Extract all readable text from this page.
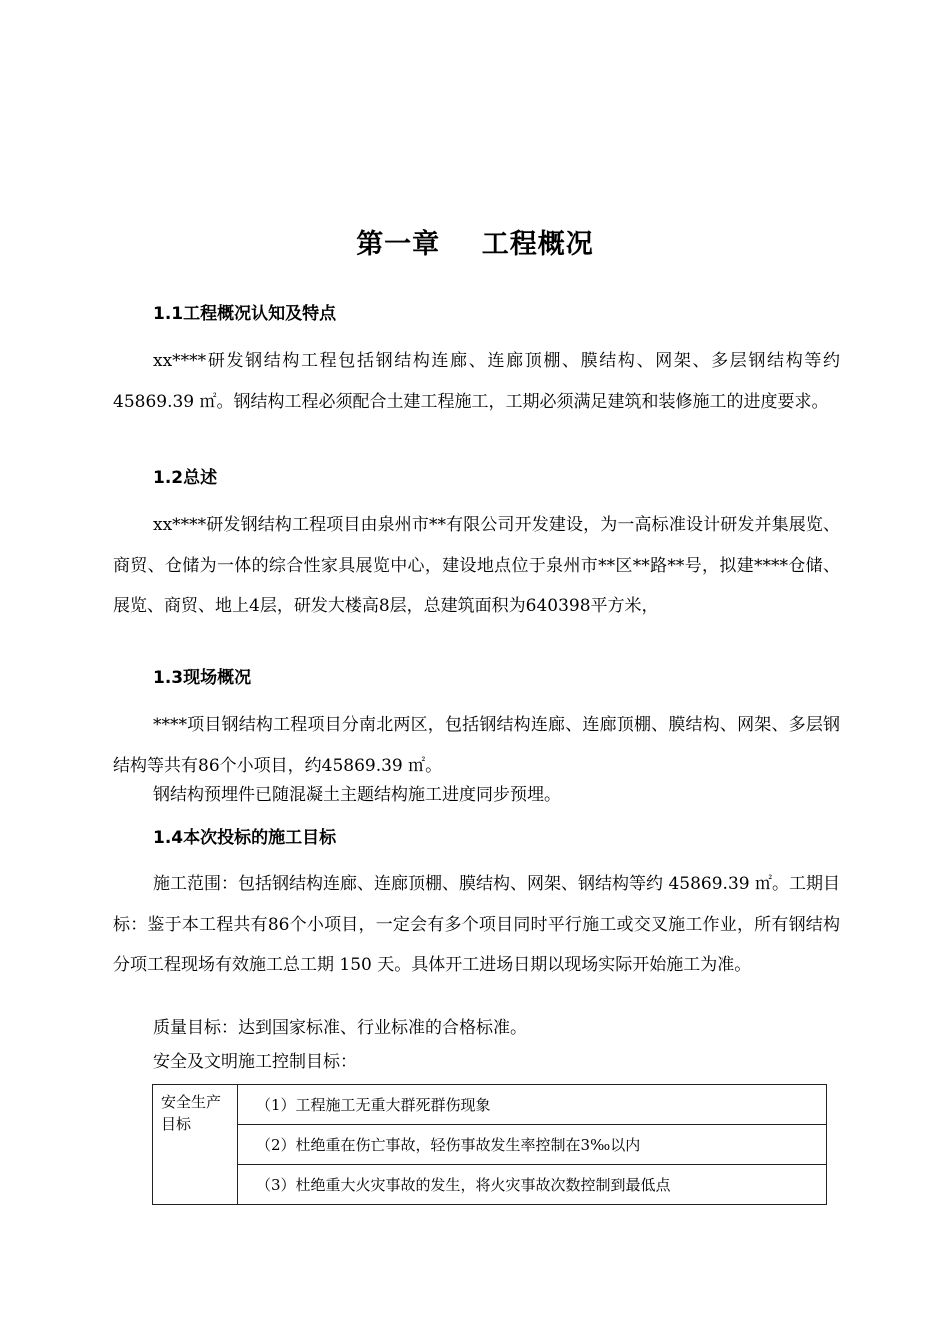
第一章    工程概况
1.1工程概况认知及特点
xx****研发钢结构工程包括钢结构连廊、连廊顶棚、膜结构、网架、多层钢结构等约45869.39 ㎡。钢结构工程必须配合土建工程施工，工期必须满足建筑和装修施工的进度要求。
1.2总述
xx****研发钢结构工程项目由泉州市**有限公司开发建设，为一高标准设计研发并集展览、商贸、仓储为一体的综合性家具展览中心，建设地点位于泉州市**区**路**号，拟建****仓储、展览、商贸、地上4层，研发大楼高8层，总建筑面积为640398平方米，
1.3现场概况
****项目钢结构工程项目分南北两区，包括钢结构连廊、连廊顶棚、膜结构、网架、多层钢结构等共有86个小项目，约45869.39 ㎡。
钢结构预埋件已随混凝土主题结构施工进度同步预埋。
1.4本次投标的施工目标
施工范围：包括钢结构连廊、连廊顶棚、膜结构、网架、钢结构等约 45869.39 ㎡。工期目标：鉴于本工程共有86个小项目，一定会有多个项目同时平行施工或交叉施工作业，所有钢结构分项工程现场有效施工总工期 150 天。具体开工进场日期以现场实际开始施工为准。
质量目标：达到国家标准、行业标准的合格标准。
安全及文明施工控制目标：
安全生产目标	（1）工程施工无重大群死群伤现象
（2）杜绝重在伤亡事故，轻伤事故发生率控制在3‰以内
（3）杜绝重大火灾事故的发生，将火灾事故次数控制到最低点
